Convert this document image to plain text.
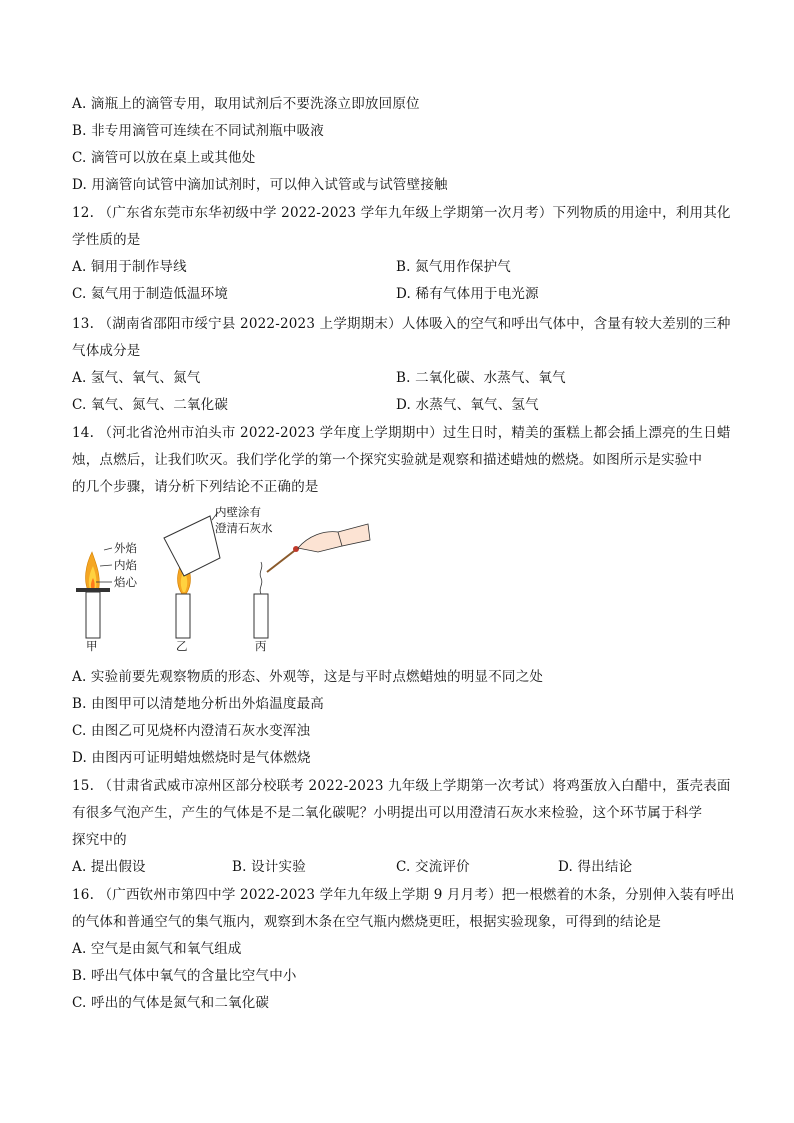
A. 滴瓶上的滴管专用，取用试剂后不要洗涤立即放回原位
B. 非专用滴管可连续在不同试剂瓶中吸液
C. 滴管可以放在桌上或其他处
D. 用滴管向试管中滴加试剂时，可以伸入试管或与试管壁接触
12. （广东省东莞市东华初级中学 2022-2023 学年九年级上学期第一次月考）下列物质的用途中，利用其化
学性质的是
A. 铜用于制作导线	B. 氮气用作保护气
C. 氦气用于制造低温环境	D. 稀有气体用于电光源
13. （湖南省邵阳市绥宁县 2022-2023 上学期期末）人体吸入的空气和呼出气体中，含量有较大差别的三种
气体成分是
A. 氢气、氧气、氮气	B. 二氧化碳、水蒸气、氧气
C. 氧气、氮气、二氧化碳	D. 水蒸气、氧气、氢气
14. （河北省沧州市泊头市 2022-2023 学年度上学期期中）过生日时，精美的蛋糕上都会插上漂亮的生日蜡
烛，点燃后，让我们吹灭。我们学化学的第一个探究实验就是观察和描述蜡烛的燃烧。如图所示是实验中
的几个步骤，请分析下列结论不正确的是
外焰
内焰
焰心
甲
内壁涂有
澄清石灰水
乙	丙
A. 实验前要先观察物质的形态、外观等，这是与平时点燃蜡烛的明显不同之处
B. 由图甲可以清楚地分析出外焰温度最高
C. 由图乙可见烧杯内澄清石灰水变浑浊
D. 由图丙可证明蜡烛燃烧时是气体燃烧
15. （甘肃省武威市凉州区部分校联考 2022-2023 九年级上学期第一次考试）将鸡蛋放入白醋中，蛋壳表面
有很多气泡产生，产生的气体是不是二氧化碳呢？小明提出可以用澄清石灰水来检验，这个环节属于科学
探究中的
A. 提出假设	B. 设计实验	C. 交流评价	D. 得出结论
16. （广西钦州市第四中学 2022-2023 学年九年级上学期 9 月月考）把一根燃着的木条，分别伸入装有呼出
的气体和普通空气的集气瓶内，观察到木条在空气瓶内燃烧更旺，根据实验现象，可得到的结论是
A. 空气是由氮气和氧气组成
B. 呼出气体中氧气的含量比空气中小
C. 呼出的气体是氮气和二氧化碳
